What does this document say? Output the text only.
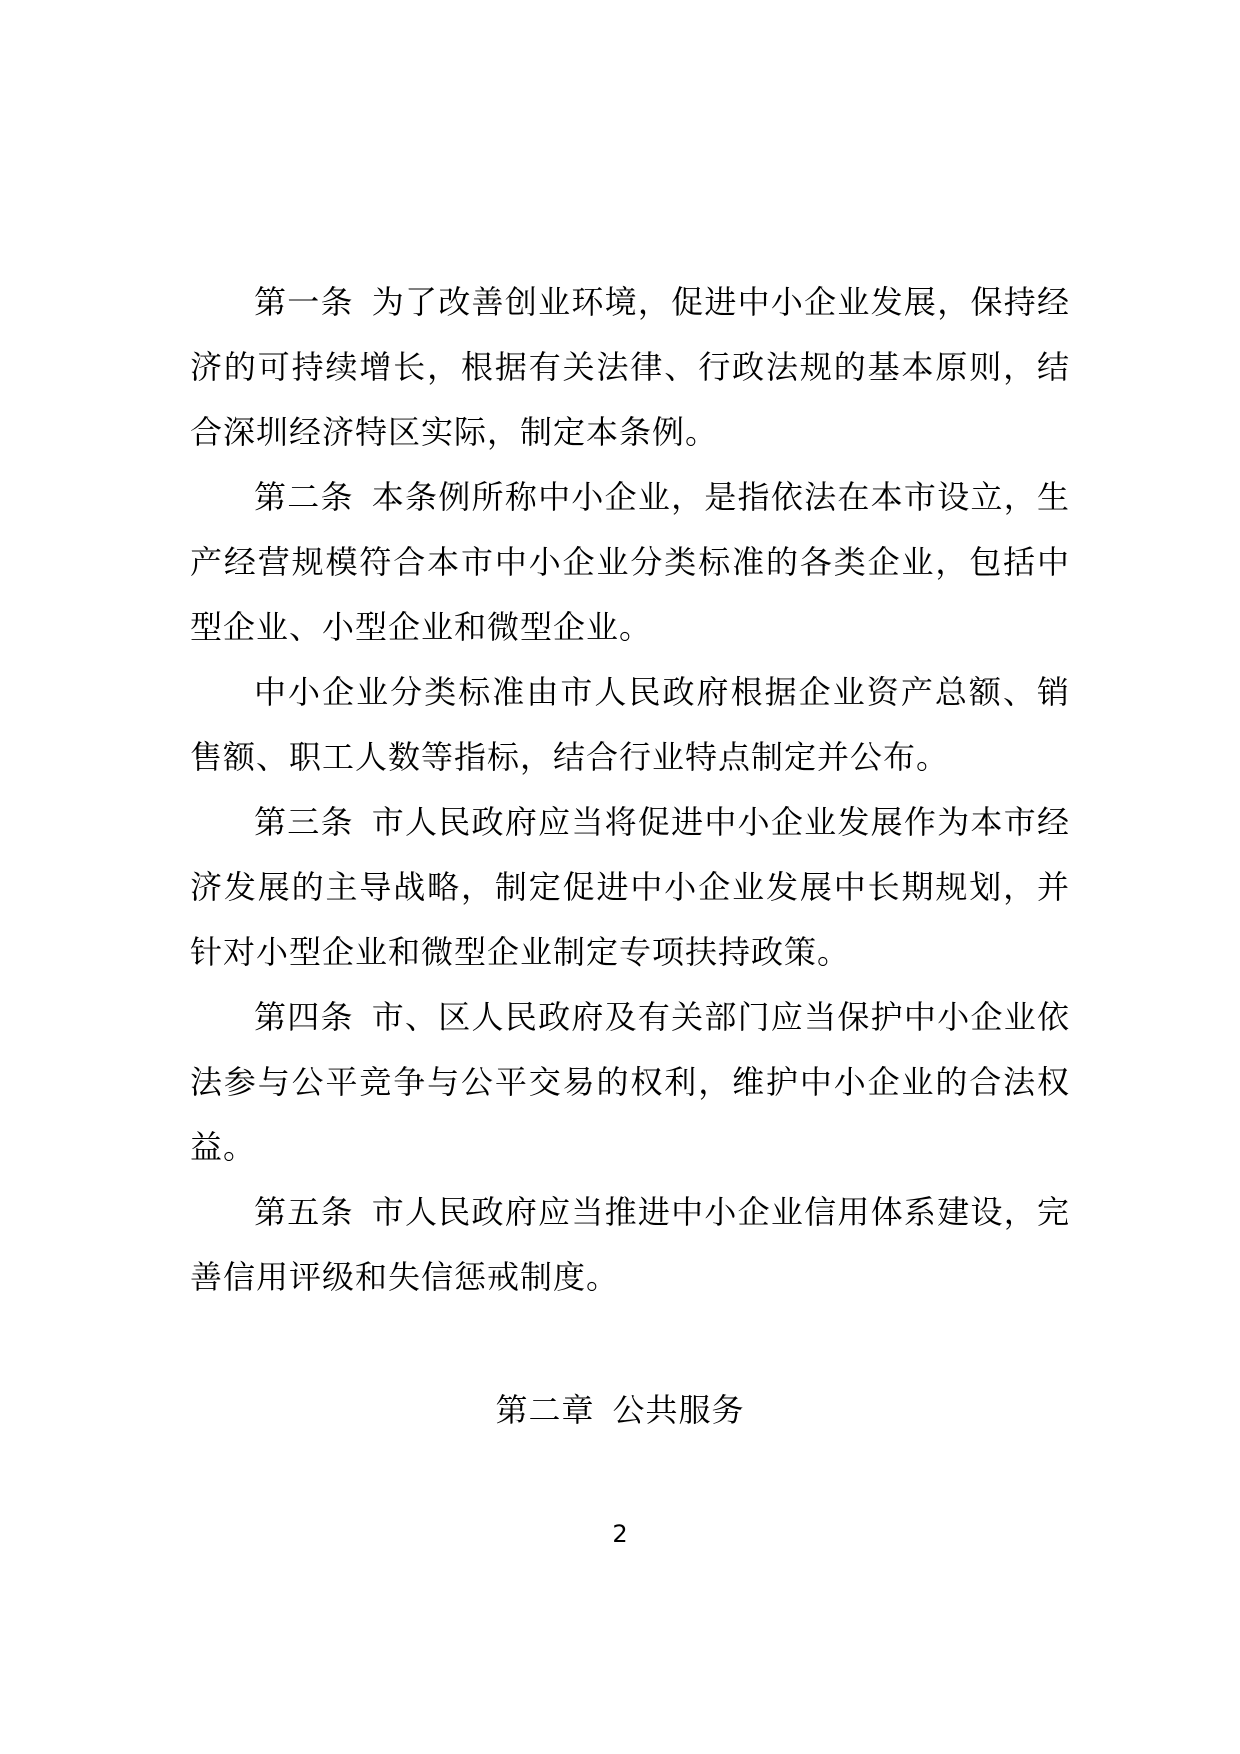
第一条 为了改善创业环境，促进中小企业发展，保持经济的可持续增长，根据有关法律、行政法规的基本原则，结合深圳经济特区实际，制定本条例。

第二条 本条例所称中小企业，是指依法在本市设立，生产经营规模符合本市中小企业分类标准的各类企业，包括中型企业、小型企业和微型企业。

中小企业分类标准由市人民政府根据企业资产总额、销售额、职工人数等指标，结合行业特点制定并公布。

第三条 市人民政府应当将促进中小企业发展作为本市经济发展的主导战略，制定促进中小企业发展中长期规划，并针对小型企业和微型企业制定专项扶持政策。

第四条 市、区人民政府及有关部门应当保护中小企业依法参与公平竞争与公平交易的权利，维护中小企业的合法权益。

第五条 市人民政府应当推进中小企业信用体系建设，完善信用评级和失信惩戒制度。

第二章 公共服务
2
